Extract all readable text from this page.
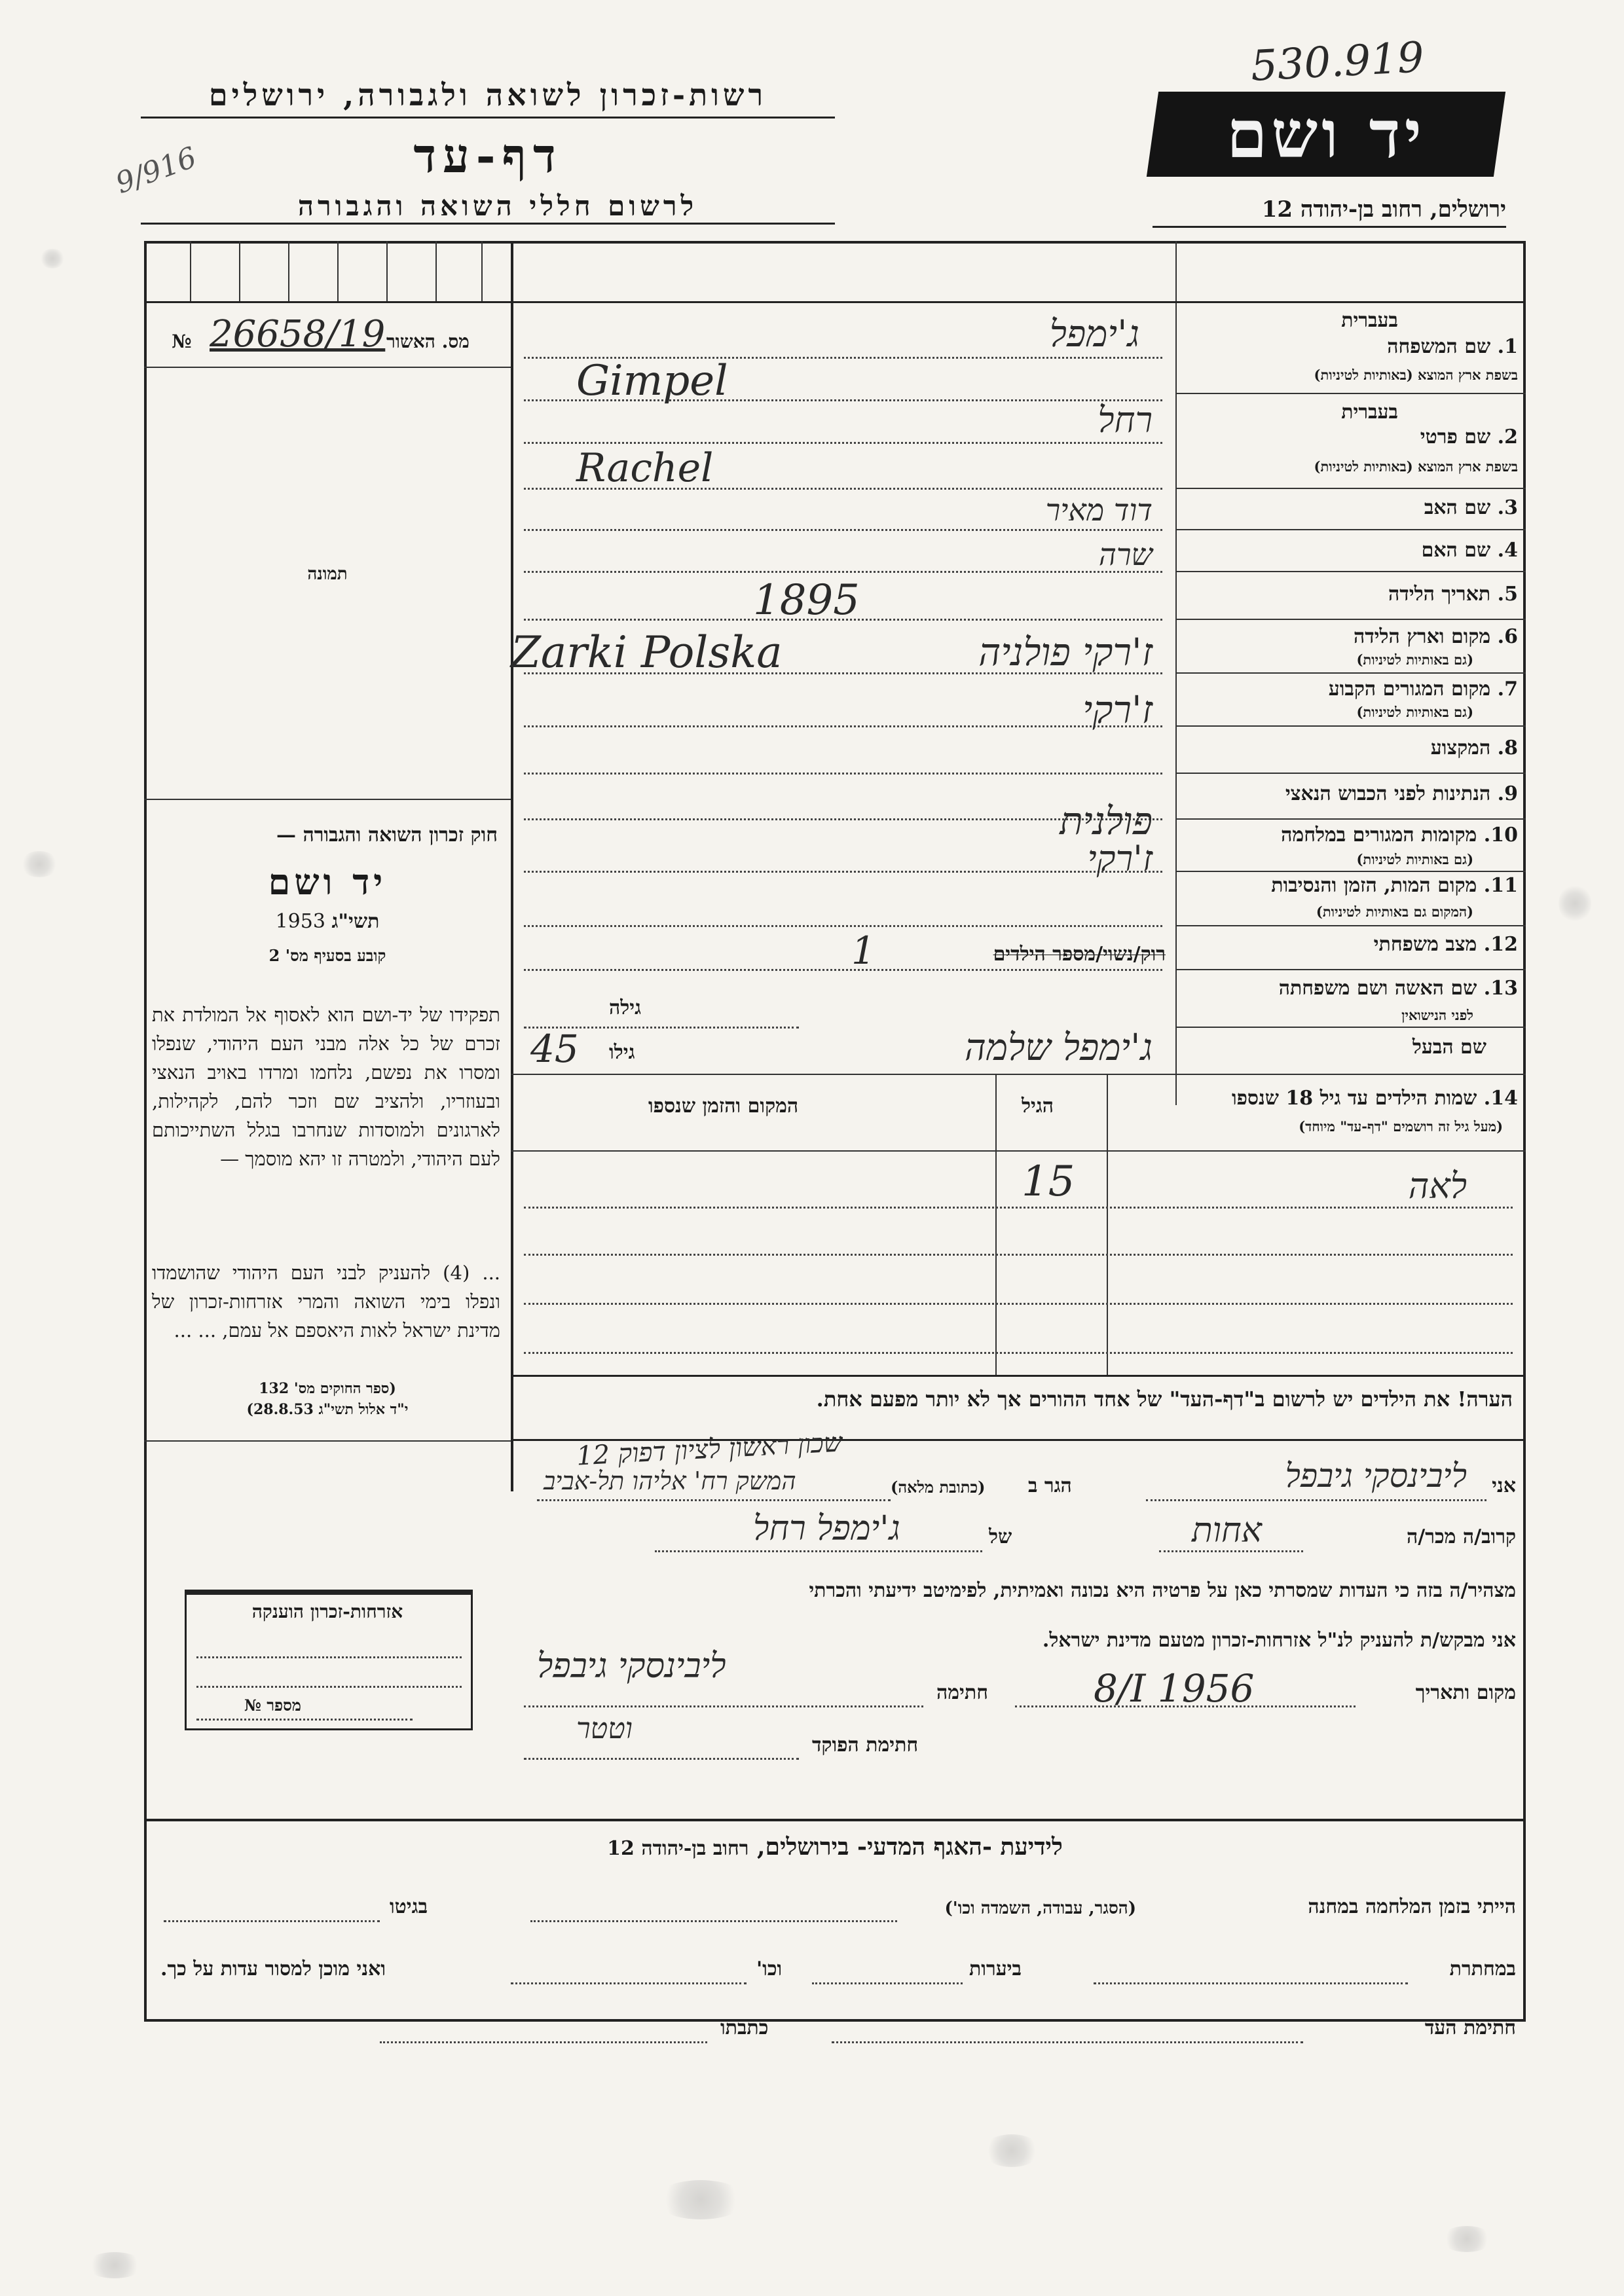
רשות-זכרון לשואה ולגבורה, ירושלים
דף-עד
9/916
לרשום חללי השואה והגבורה
יד ושם
530.919
ירושלים, רחוב בן-יהודה 12
מס. האשור
№ 26658/19
תמונה
חוק זכרון השואה והגבורה —
יד ושם
1953 תשי"ג
קובע בסעיף מס' 2
תפקידו של יד-ושם הוא לאסוף אל המולדת את זכרם של כל אלה מבני העם היהודי, שנפלו ומסרו את נפשם, נלחמו ומרדו באויב הנאצי ובעוזריו, ולהציב שם וזכר להם, לקהילות, לארגונים ולמוסדות שנחרבו בגלל השתייכותם לעם היהודי, ולמטרה זו יהא מוסמך —
... (4) להעניק לבני העם היהודי שהושמדו ונפלו בימי השואה והמרי אזרחות-זכרון של מדינת ישראל לאות היאספם אל עמם, ... ...
(ספר החוקים מס' 132
י"ד אלול תשי"ג 28.8.53)
אזרחות-זכרון הוענקה
מספר №
בעברית
1. שם המשפחה
בשפת ארץ המוצא (באותיות לטיניות)
בעברית
2. שם פרטי
בשפת ארץ המוצא (באותיות לטיניות)
3. שם האב
4. שם האם
5. תאריך הלידה
6. מקום וארץ הלידה
(גם באותיות לטיניות)
7. מקום המגורים הקבוע
(גם באותיות לטיניות)
8. המקצוע
9. הנתינות לפני הכבוש הנאצי
10. מקומות המגורים במלחמה
(גם באותיות לטיניות)
11. מקום המות, הזמן והנסיבות
(המקום גם באותיות לטיניות)
12. מצב משפחתי
13. שם האשה ושם משפחתה
לפני הנישואין
שם הבעל
ג'ימפל
Gimpel
רחל
Rachel
דוד מאיר
שרה
1895
Zarki Polska	ז'רקי פולניה
ז'רקי
פולנית
ז'רקי
רוק/נשוי/מספר הילדים
1
גילה
גילו
45	ג'ימפל שלמה
14. שמות הילדים עד גיל 18 שנספו
(מעל גיל זה רושמים "דף-עד" מיוחד)
הגיל
המקום והזמן שנספו
לאה
15
הערה! את הילדים יש לרשום ב"דף-העד" של אחד ההורים אך לא יותר מפעם אחת.
אני
ליבינסקי גיבפל
הגר ב
(כתובת מלאה)
שכון ראשון לציון דפוק 12
המשק רח' אליהו תל-אביב
קרוב/ה מכר/ה
אחות
של
ג'ימפל רחל
מצהיר/ה בזה כי העדות שמסרתי כאן על פרטיה היא נכונה ואמיתית, לפימיטב ידיעתי והכרתי
אני מבקש/ת להעניק לנ"ל אזרחות-זכרון מטעם מדינת ישראל.
מקום ותאריך
8/I 1956
חתימה
ליבינסקי גיבפל
חתימת הפוקד
וטטר
לידיעת -האגף המדעי- בירושלים, רחוב בן-יהודה 12
הייתי בזמן המלחמה במחנה
(הסגר, עבודה, השמדה וכו')
בגיטו
במחתרת
ביערות
וכו'
ואני מוכן למסור עדות על כך.
חתימת העד
כתבתו
